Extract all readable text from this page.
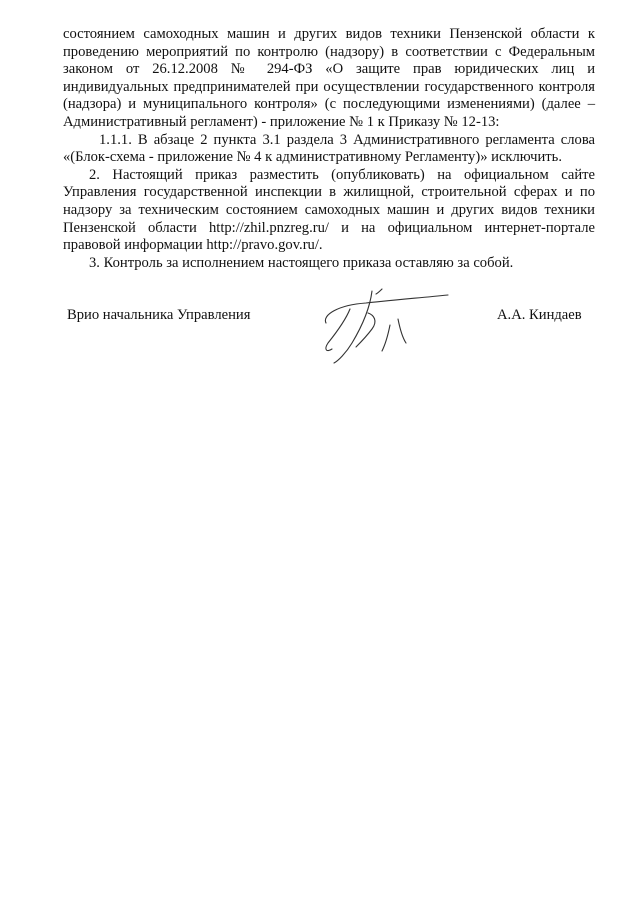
состоянием самоходных машин и других видов техники Пензенской области к проведению мероприятий по контролю (надзору) в соответствии с Федеральным законом от 26.12.2008 № 294-ФЗ «О защите прав юридических лиц и индивидуальных предпринимателей при осуществлении государственного контроля (надзора) и муниципального контроля» (с последующими изменениями) (далее – Административный регламент) - приложение № 1 к Приказу № 12-13:

1.1.1. В абзаце 2 пункта 3.1 раздела 3 Административного регламента слова «(Блок-схема - приложение № 4 к административному Регламенту)» исключить.

2. Настоящий приказ разместить (опубликовать) на официальном сайте Управления государственной инспекции в жилищной, строительной сферах и по надзору за техническим состоянием самоходных машин и других видов техники Пензенской области http://zhil.pnzreg.ru/ и на официальном интернет-портале правовой информации http://pravo.gov.ru/.

3. Контроль за исполнением настоящего приказа оставляю за собой.

Врио начальника Управления	А.А. Киндаев
